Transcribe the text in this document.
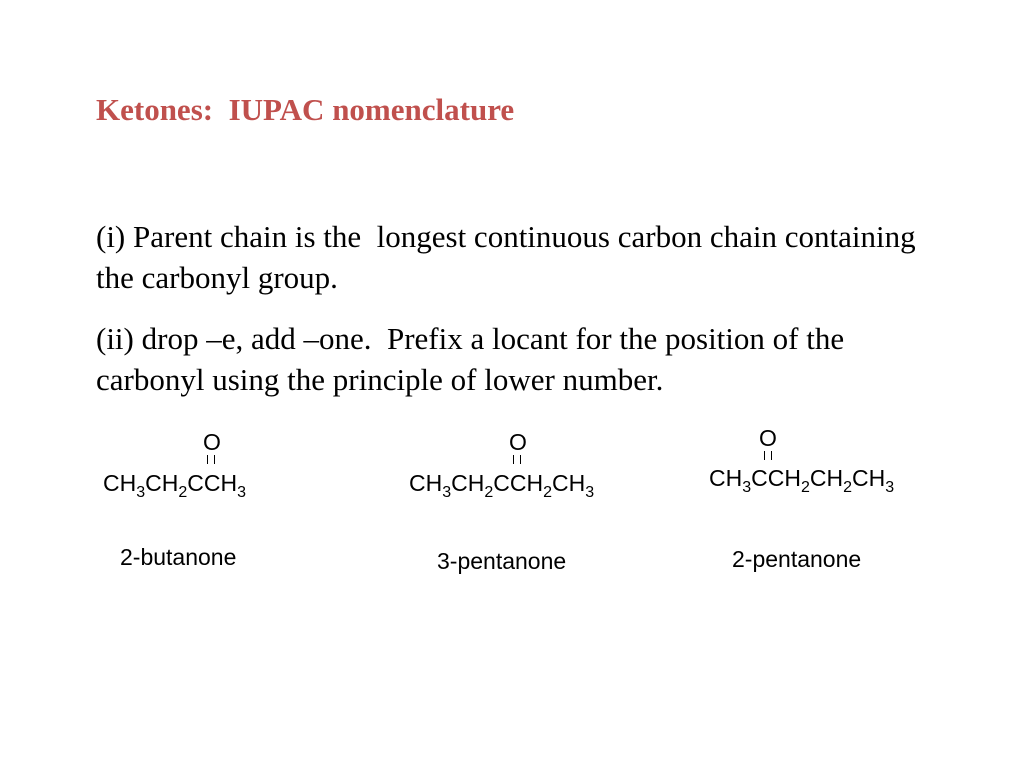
Ketones:  IUPAC nomenclature

(i) Parent chain is the  longest continuous carbon chain containing the carbonyl group.

(ii) drop –e, add –one.  Prefix a locant for the position of the carbonyl using the principle of lower number.

O
$CH_3CH_2CCH_3$
2-butanone
O
$CH_3CH_2CCH_2CH_3$
3-pentanone
O
$CH_3CCH_2CH_2CH_3$
2-pentanone
